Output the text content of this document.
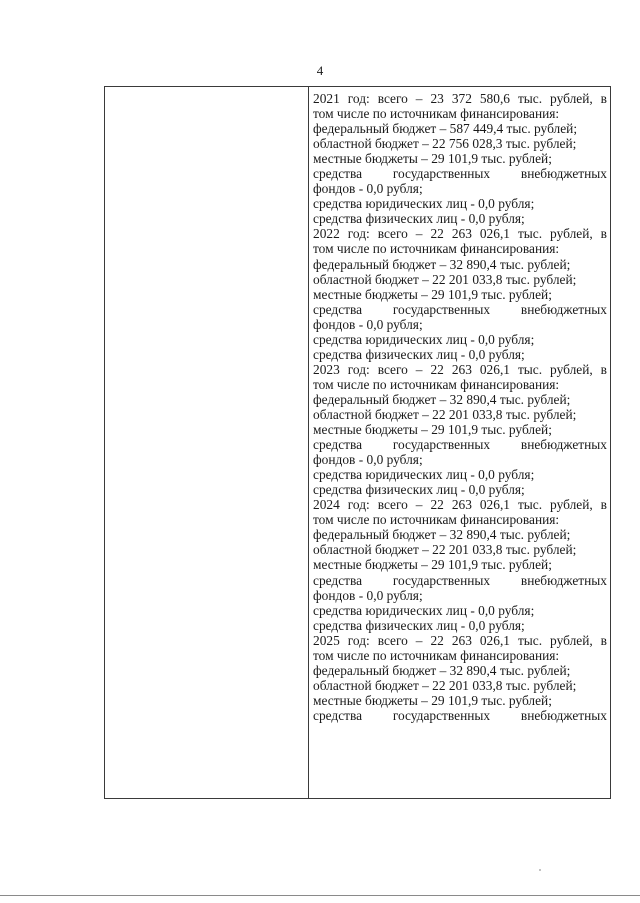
4
2021 год: всего – 23 372 580,6 тыс. рублей, в
том числе по источникам финансирования:
федеральный бюджет – 587 449,4 тыс. рублей;
областной бюджет – 22 756 028,3 тыс. рублей;
местные бюджеты – 29 101,9 тыс. рублей;
средства государственных внебюджетных
фондов - 0,0 рубля;
средства юридических лиц - 0,0 рубля;
средства физических лиц - 0,0 рубля;
2022 год: всего – 22 263 026,1 тыс. рублей, в
том числе по источникам финансирования:
федеральный бюджет – 32 890,4 тыс. рублей;
областной бюджет – 22 201 033,8 тыс. рублей;
местные бюджеты – 29 101,9 тыс. рублей;
средства государственных внебюджетных
фондов - 0,0 рубля;
средства юридических лиц - 0,0 рубля;
средства физических лиц - 0,0 рубля;
2023 год: всего – 22 263 026,1 тыс. рублей, в
том числе по источникам финансирования:
федеральный бюджет – 32 890,4 тыс. рублей;
областной бюджет – 22 201 033,8 тыс. рублей;
местные бюджеты – 29 101,9 тыс. рублей;
средства государственных внебюджетных
фондов - 0,0 рубля;
средства юридических лиц - 0,0 рубля;
средства физических лиц - 0,0 рубля;
2024 год: всего – 22 263 026,1 тыс. рублей, в
том числе по источникам финансирования:
федеральный бюджет – 32 890,4 тыс. рублей;
областной бюджет – 22 201 033,8 тыс. рублей;
местные бюджеты – 29 101,9 тыс. рублей;
средства государственных внебюджетных
фондов - 0,0 рубля;
средства юридических лиц - 0,0 рубля;
средства физических лиц - 0,0 рубля;
2025 год: всего – 22 263 026,1 тыс. рублей, в
том числе по источникам финансирования:
федеральный бюджет – 32 890,4 тыс. рублей;
областной бюджет – 22 201 033,8 тыс. рублей;
местные бюджеты – 29 101,9 тыс. рублей;
средства государственных внебюджетных
